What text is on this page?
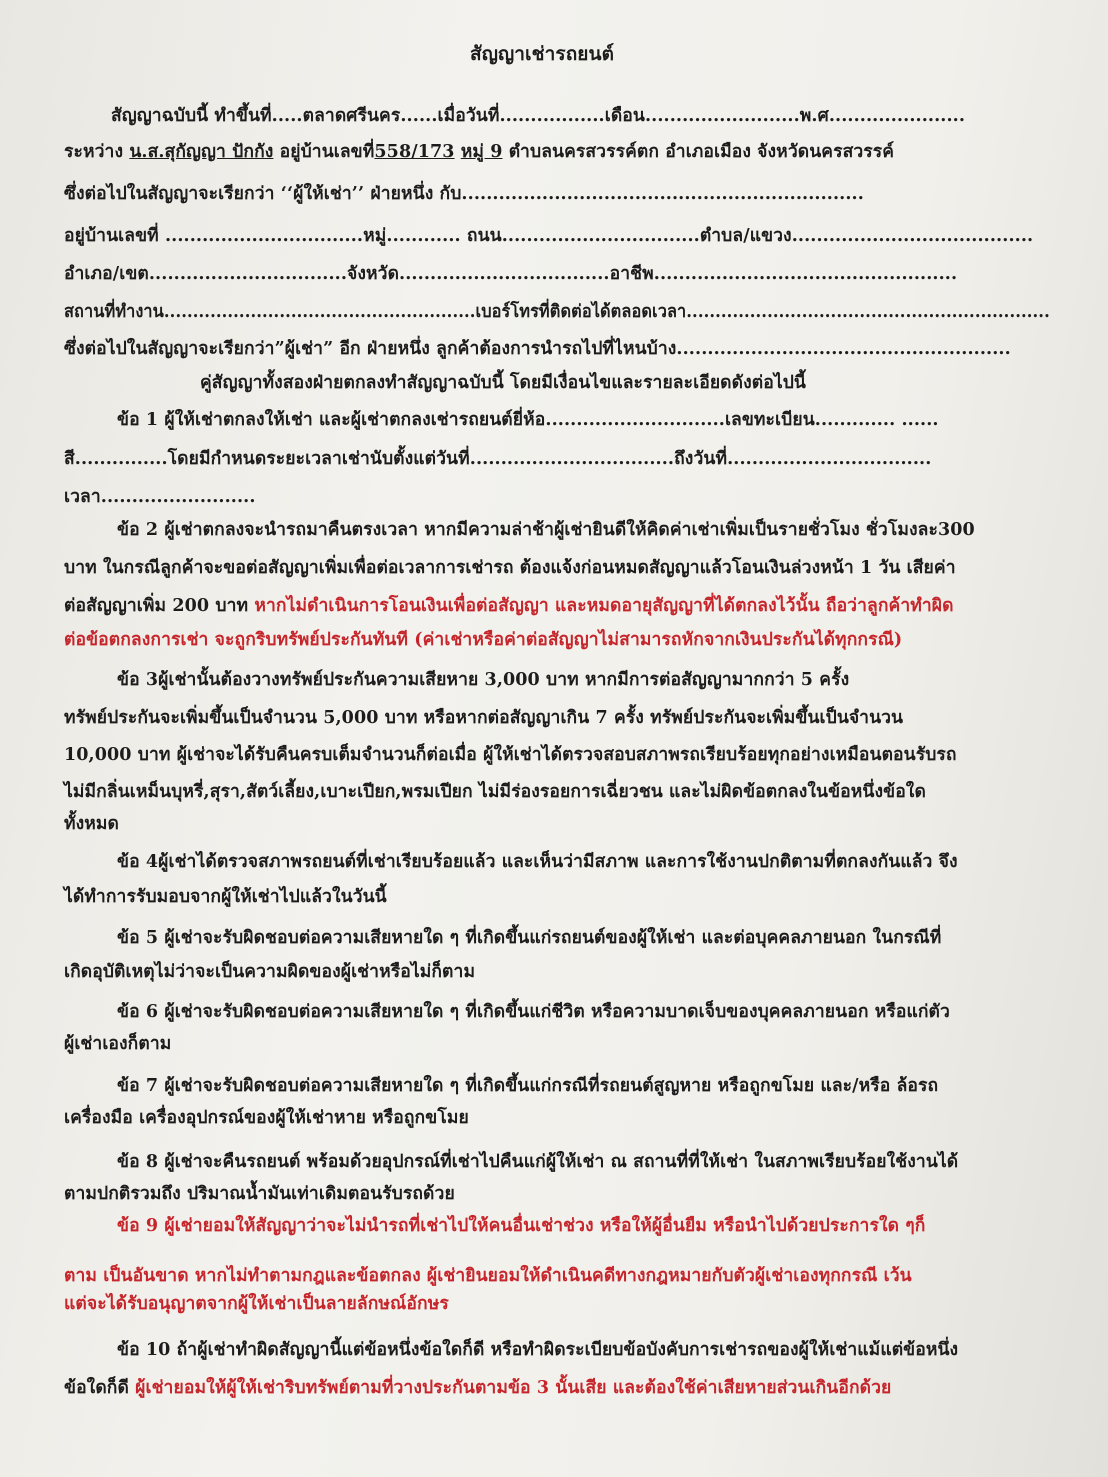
สัญญาเช่ารถยนต์
สัญญาฉบับนี้ ทำขึ้นที่.....ตลาดศรีนคร......เมื่อวันที่.................เดือน.........................พ.ศ......................
ระหว่าง น.ส.สุกัญญา ปักกัง อยู่บ้านเลขที่558/173 หมู่ 9 ตำบลนครสวรรค์ตก อำเภอเมือง จังหวัดนครสวรรค์
ซึ่งต่อไปในสัญญาจะเรียกว่า ‘‘ผู้ให้เช่า’’ ฝ่ายหนึ่ง กับ.................................................................
อยู่บ้านเลขที่ ................................หมู่............ ถนน................................ตำบล/แขวง.......................................
อำเภอ/เขต................................จังหวัด..................................อาชีพ.................................................
สถานที่ทำงาน......................................................เบอร์โทรที่ติดต่อได้ตลอดเวลา...............................................................
ซึ่งต่อไปในสัญญาจะเรียกว่า”ผู้เช่า” อีก ฝ่ายหนึ่ง ลูกค้าต้องการนำรถไปที่ไหนบ้าง......................................................
คู่สัญญาทั้งสองฝ่ายตกลงทำสัญญาฉบับนี้ โดยมีเงื่อนไขและรายละเอียดดังต่อไปนี้
ข้อ 1 ผู้ให้เช่าตกลงให้เช่า และผู้เช่าตกลงเช่ารถยนต์ยี่ห้อ.............................เลขทะเบียน............. ......
สี...............โดยมีกำหนดระยะเวลาเช่านับตั้งแต่วันที่.................................ถึงวันที่.................................
เวลา.........................
ข้อ 2 ผู้เช่าตกลงจะนำรถมาคืนตรงเวลา หากมีความล่าช้าผู้เช่ายินดีให้คิดค่าเช่าเพิ่มเป็นรายชั่วโมง ชั่วโมงละ300
บาท ในกรณีลูกค้าจะขอต่อสัญญาเพิ่มเพื่อต่อเวลาการเช่ารถ ต้องแจ้งก่อนหมดสัญญาแล้วโอนเงินล่วงหน้า 1 วัน เสียค่า
ต่อสัญญาเพิ่ม 200 บาท หากไม่ดำเนินการโอนเงินเพื่อต่อสัญญา และหมดอายุสัญญาที่ได้ตกลงไว้นั้น ถือว่าลูกค้าทำผิด
ต่อข้อตกลงการเช่า จะถูกริบทรัพย์ประกันทันที (ค่าเช่าหรือค่าต่อสัญญาไม่สามารถหักจากเงินประกันได้ทุกกรณี)
ข้อ 3ผู้เช่านั้นต้องวางทรัพย์ประกันความเสียหาย 3,000 บาท หากมีการต่อสัญญามากกว่า 5 ครั้ง
ทรัพย์ประกันจะเพิ่มขึ้นเป็นจำนวน 5,000 บาท หรือหากต่อสัญญาเกิน 7 ครั้ง ทรัพย์ประกันจะเพิ่มขึ้นเป็นจำนวน
10,000 บาท ผู้เช่าจะได้รับคืนครบเต็มจำนวนก็ต่อเมื่อ ผู้ให้เช่าได้ตรวจสอบสภาพรถเรียบร้อยทุกอย่างเหมือนตอนรับรถ
ไม่มีกลิ่นเหม็นบุหรี่,สุรา,สัตว์เลี้ยง,เบาะเปียก,พรมเปียก ไม่มีร่องรอยการเฉี่ยวชน และไม่ผิดข้อตกลงในข้อหนึ่งข้อใด
ทั้งหมด
ข้อ 4ผู้เช่าได้ตรวจสภาพรถยนต์ที่เช่าเรียบร้อยแล้ว และเห็นว่ามีสภาพ และการใช้งานปกติตามที่ตกลงกันแล้ว จึง
ได้ทำการรับมอบจากผู้ให้เช่าไปแล้วในวันนี้
ข้อ 5 ผู้เช่าจะรับผิดชอบต่อความเสียหายใด ๆ ที่เกิดขึ้นแก่รถยนต์ของผู้ให้เช่า และต่อบุคคลภายนอก ในกรณีที่
เกิดอุบัติเหตุไม่ว่าจะเป็นความผิดของผู้เช่าหรือไม่ก็ตาม
ข้อ 6 ผู้เช่าจะรับผิดชอบต่อความเสียหายใด ๆ ที่เกิดขึ้นแก่ชีวิต หรือความบาดเจ็บของบุคคลภายนอก หรือแก่ตัว
ผู้เช่าเองก็ตาม
ข้อ 7 ผู้เช่าจะรับผิดชอบต่อความเสียหายใด ๆ ที่เกิดขึ้นแก่กรณีที่รถยนต์สูญหาย หรือถูกขโมย และ/หรือ ล้อรถ
เครื่องมือ เครื่องอุปกรณ์ของผู้ให้เช่าหาย หรือถูกขโมย
ข้อ 8 ผู้เช่าจะคืนรถยนต์ พร้อมด้วยอุปกรณ์ที่เช่าไปคืนแก่ผู้ให้เช่า ณ สถานที่ที่ให้เช่า ในสภาพเรียบร้อยใช้งานได้
ตามปกติรวมถึง ปริมาณน้ำมันเท่าเดิมตอนรับรถด้วย
ข้อ 9 ผู้เช่ายอมให้สัญญาว่าจะไม่นำรถที่เช่าไปให้คนอื่นเช่าช่วง หรือให้ผู้อื่นยืม หรือนำไปด้วยประการใด ๆก็
ตาม เป็นอันขาด หากไม่ทำตามกฎและข้อตกลง ผู้เช่ายินยอมให้ดำเนินคดีทางกฎหมายกับตัวผู้เช่าเองทุกกรณี เว้น
แต่จะได้รับอนุญาตจากผู้ให้เช่าเป็นลายลักษณ์อักษร
ข้อ 10 ถ้าผู้เช่าทำผิดสัญญานี้แต่ข้อหนึ่งข้อใดก็ดี หรือทำผิดระเบียบข้อบังคับการเช่ารถของผู้ให้เช่าแม้แต่ข้อหนึ่ง
ข้อใดก็ดี ผู้เช่ายอมให้ผู้ให้เช่าริบทรัพย์ตามที่วางประกันตามข้อ 3 นั้นเสีย และต้องใช้ค่าเสียหายส่วนเกินอีกด้วย
